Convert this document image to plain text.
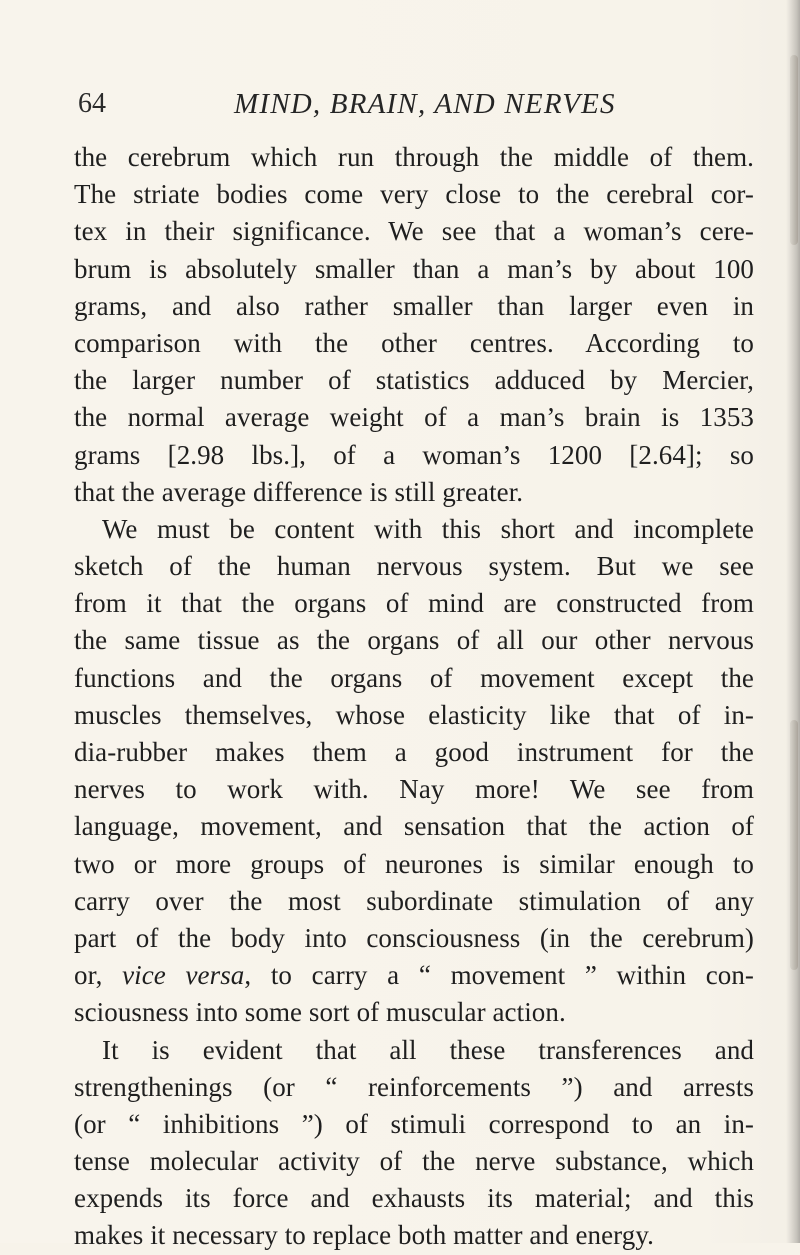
64	MIND, BRAIN, AND NERVES
the cerebrum which run through the middle of them.
The striate bodies come very close to the cerebral cor-
tex in their significance. We see that a woman’s cere-
brum is absolutely smaller than a man’s by about 100
grams, and also rather smaller than larger even in
comparison with the other centres. According to
the larger number of statistics adduced by Mercier,
the normal average weight of a man’s brain is 1353
grams [2.98 lbs.], of a woman’s 1200 [2.64]; so
that the average difference is still greater.
We must be content with this short and incomplete
sketch of the human nervous system. But we see
from it that the organs of mind are constructed from
the same tissue as the organs of all our other nervous
functions and the organs of movement except the
muscles themselves, whose elasticity like that of in-
dia-rubber makes them a good instrument for the
nerves to work with. Nay more! We see from
language, movement, and sensation that the action of
two or more groups of neurones is similar enough to
carry over the most subordinate stimulation of any
part of the body into consciousness (in the cerebrum)
or, vice versa, to carry a “ movement ” within con-
sciousness into some sort of muscular action.
It is evident that all these transferences and
strengthenings (or “ reinforcements ”) and arrests
(or “ inhibitions ”) of stimuli correspond to an in-
tense molecular activity of the nerve substance, which
expends its force and exhausts its material; and this
makes it necessary to replace both matter and energy.
